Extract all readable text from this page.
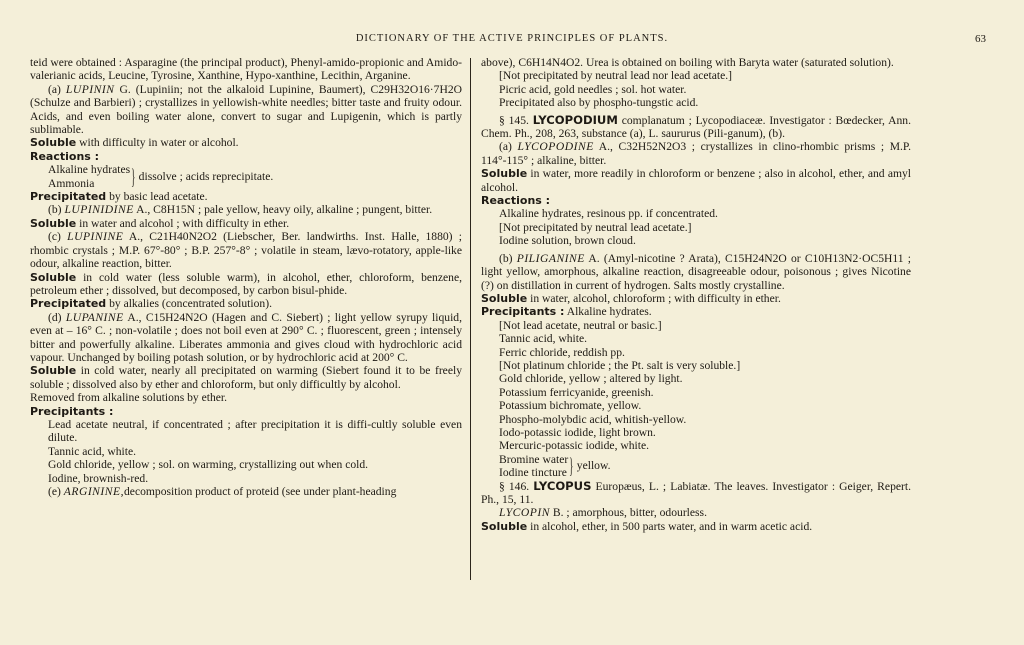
DICTIONARY OF THE ACTIVE PRINCIPLES OF PLANTS.	63

teid were obtained : Asparagine (the principal product), Phenyl-amido-propionic and Amido-valerianic acids, Leucine, Tyrosine, Xanthine, Hypo-xanthine, Lecithin, Arganine.

(a) LUPININ G. (Lupiniin; not the alkaloid Lupinine, Baumert), C29H32O16·7H2O (Schulze and Barbieri) ; crystallizes in yellowish-white needles; bitter taste and fruity odour. Acids, and even boiling water alone, convert to sugar and Lupigenin, which is partly sublimable.

Soluble with difficulty in water or alcohol.

Reactions :

Alkaline hydrates
Ammonia	} dissolve ; acids reprecipitate.

Precipitated by basic lead acetate.

(b) LUPINIDINE A., C8H15N ; pale yellow, heavy oily, alkaline ; pungent, bitter.

Soluble in water and alcohol ; with difficulty in ether.

(c) LUPININE A., C21H40N2O2 (Liebscher, Ber. landwirths. Inst. Halle, 1880) ; rhombic crystals ; M.P. 67°-80° ; B.P. 257°-8° ; volatile in steam, lævo-rotatory, apple-like odour, alkaline reaction, bitter.

Soluble in cold water (less soluble warm), in alcohol, ether, chloroform, benzene, petroleum ether ; dissolved, but decomposed, by carbon bisul-phide.

Precipitated by alkalies (concentrated solution).

(d) LUPANINE A., C15H24N2O (Hagen and C. Siebert) ; light yellow syrupy liquid, even at – 16° C. ; non-volatile ; does not boil even at 290° C. ; fluorescent, green ; intensely bitter and powerfully alkaline. Liberates ammonia and gives cloud with hydrochloric acid vapour. Unchanged by boiling potash solution, or by hydrochloric acid at 200° C.

Soluble in cold water, nearly all precipitated on warming (Siebert found it to be freely soluble ; dissolved also by ether and chloroform, but only difficultly by alcohol.

Removed from alkaline solutions by ether.

Precipitants :

Lead acetate neutral, if concentrated ; after precipitation it is diffi-cultly soluble even dilute.

Tannic acid, white.

Gold chloride, yellow ; sol. on warming, crystallizing out when cold.

Iodine, brownish-red.

(e) ARGININE,decomposition product of proteid (see under plant-heading

above), C6H14N4O2. Urea is obtained on boiling with Baryta water (saturated solution).

[Not precipitated by neutral lead nor lead acetate.]

Picric acid, gold needles ; sol. hot water.

Precipitated also by phospho-tungstic acid.

§ 145. LYCOPODIUM complanatum ; Lycopodiaceæ. Investigator : Bœdecker, Ann. Chem. Ph., 208, 263, substance (a), L. saururus (Pili-ganum), (b).

(a) LYCOPODINE A., C32H52N2O3 ; crystallizes in clino-rhombic prisms ; M.P. 114°-115° ; alkaline, bitter.

Soluble in water, more readily in chloroform or benzene ; also in alcohol, ether, and amyl alcohol.

Reactions :

Alkaline hydrates, resinous pp. if concentrated.

[Not precipitated by neutral lead acetate.]

Iodine solution, brown cloud.

(b) PILIGANINE A. (Amyl-nicotine ? Arata), C15H24N2O or C10H13N2·OC5H11 ; light yellow, amorphous, alkaline reaction, disagreeable odour, poisonous ; gives Nicotine (?) on distillation in current of hydrogen. Salts mostly crystalline.

Soluble in water, alcohol, chloroform ; with difficulty in ether.

Precipitants : Alkaline hydrates.

[Not lead acetate, neutral or basic.]

Tannic acid, white.

Ferric chloride, reddish pp.

[Not platinum chloride ; the Pt. salt is very soluble.]

Gold chloride, yellow ; altered by light.

Potassium ferricyanide, greenish.

Potassium bichromate, yellow.

Phospho-molybdic acid, whitish-yellow.

Iodo-potassic iodide, light brown.

Mercuric-potassic iodide, white.

Bromine water
Iodine tincture } yellow.

§ 146. LYCOPUS Europæus, L. ; Labiatæ. The leaves. Investigator : Geiger, Repert. Ph., 15, 11.

LYCOPIN B. ; amorphous, bitter, odourless.

Soluble in alcohol, ether, in 500 parts water, and in warm acetic acid.
